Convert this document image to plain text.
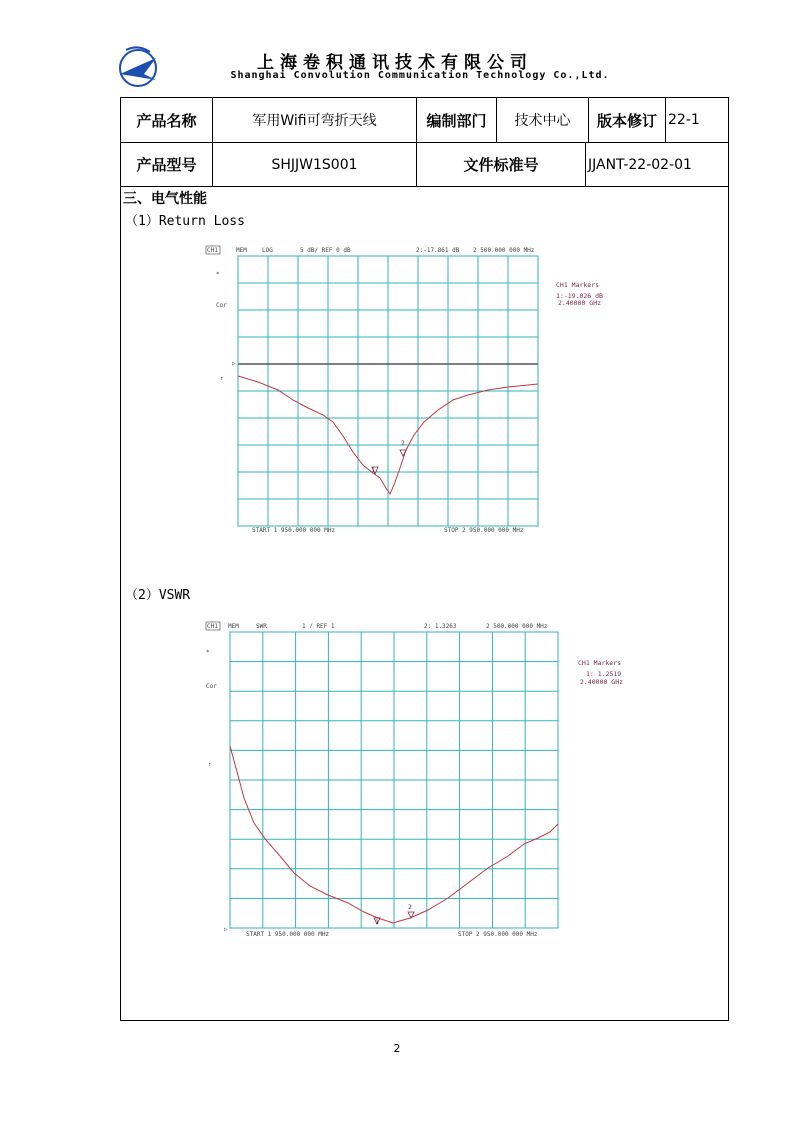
上海卷积通讯技术有限公司
Shanghai Convolution Communication Technology Co.,Ltd.
产品名称	军用Wifi可弯折天线	编制部门	技术中心	版本修订 22-1
产品型号	SHJJW1S001	文件标准号	JJANT-22-02-01
三、电气性能
（1）Return Loss
（2）VSWR
CH1	MEM	LOG	5 dB/ REF 0 dB	2:-17.861 dB 2 500.000 000 MHz
*
Cor
▷
↑
CH1 Markers
1:-19.026 dB
2.40000 GHz
1
2
START 1 950.000 000 MHz	STOP 2 950.000 000 MHz
CH1 MEM	SWR	1 / REF 1	2: 1.3263	2 500.000 000 MHz
*
Cor
↑
▷
CH1 Markers
1: 1.2519
2.40000 GHz
1
2
START 1 950.000 000 MHz	STOP 2 950.000 000 MHz
2
